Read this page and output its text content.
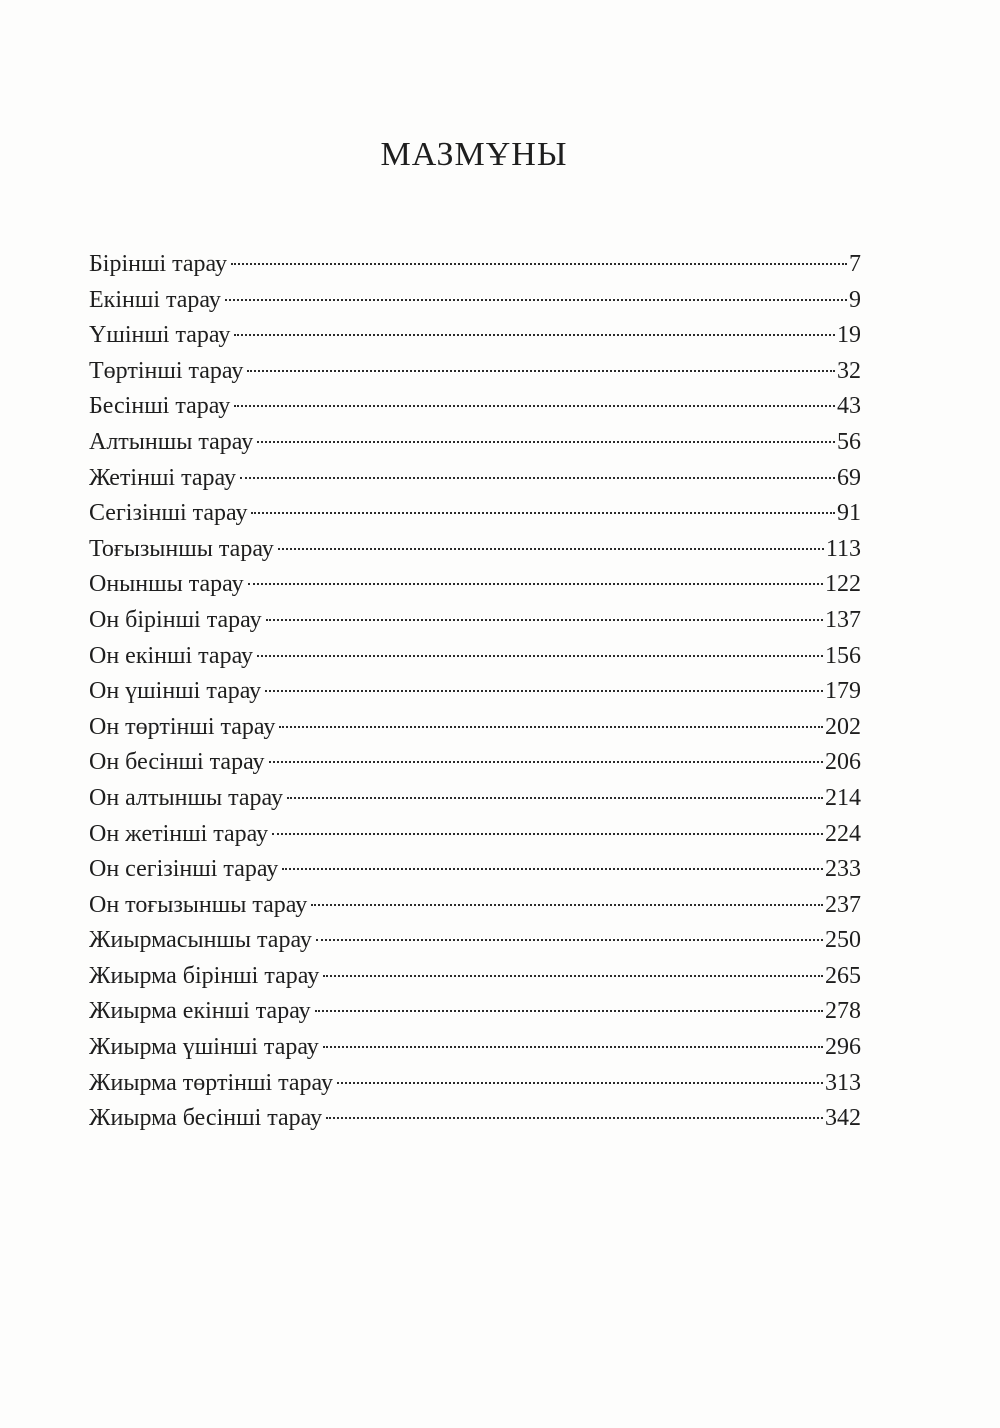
МАЗМҰНЫ
Бірінші тарау	7
Екінші тарау	9
Үшінші тарау	19
Төртінші тарау	32
Бесінші тарау	43
Алтыншы тарау	56
Жетінші тарау	69
Сегізінші тарау	91
Тоғызыншы тарау	113
Оныншы тарау	122
Он бірінші тарау	137
Он екінші тарау	156
Он үшінші тарау	179
Он төртінші тарау	202
Он бесінші тарау	206
Он алтыншы тарау	214
Он жетінші тарау	224
Он сегізінші тарау	233
Он тоғызыншы тарау	237
Жиырмасыншы тарау	250
Жиырма бірінші тарау	265
Жиырма екінші тарау	278
Жиырма үшінші тарау	296
Жиырма төртінші тарау	313
Жиырма бесінші тарау	342
